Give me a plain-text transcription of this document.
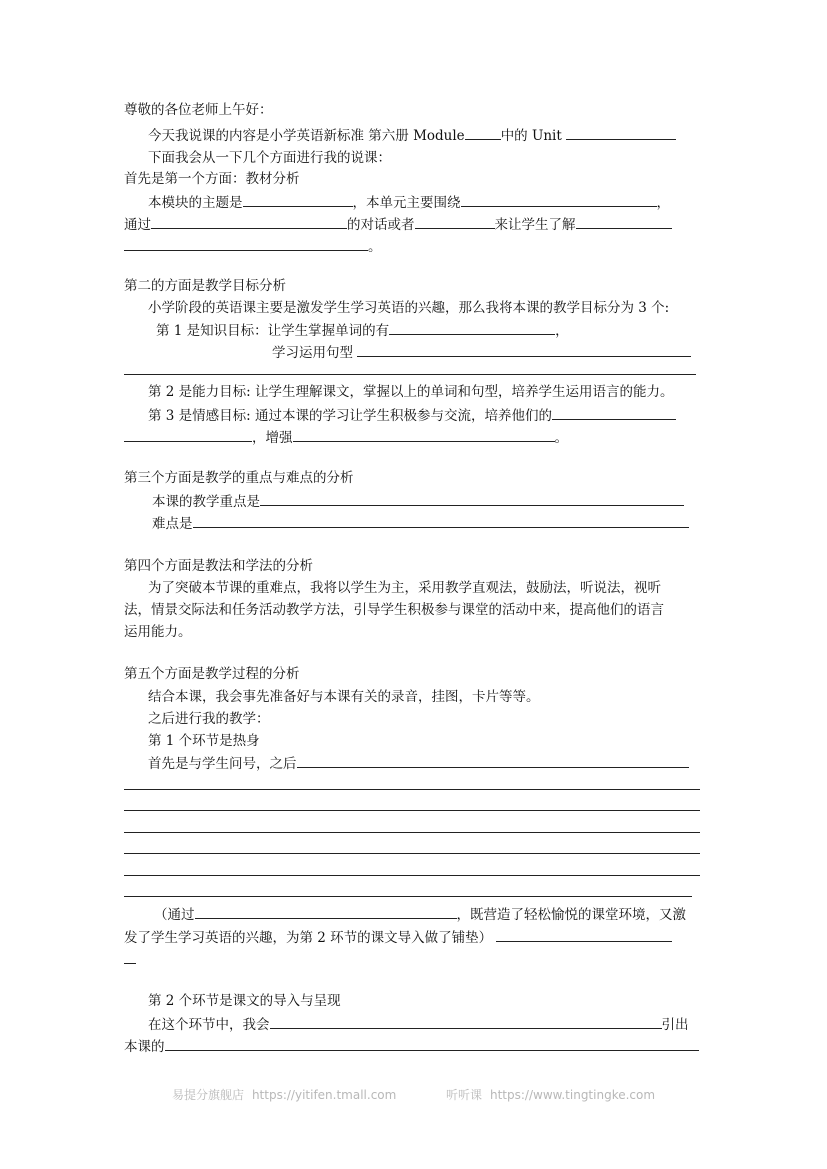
尊敬的各位老师上午好：
今天我说课的内容是小学英语新标准 第六册 Module	中的 Unit
下面我会从一下几个方面进行我的说课：
首先是第一个方面：教材分析
本模块的主题是	，本单元主要围绕	，
通过	的对话或者	来让学生了解
。
第二的方面是教学目标分析
小学阶段的英语课主要是激发学生学习英语的兴趣，那么我将本课的教学目标分为 3 个:
第 1 是知识目标：让学生掌握单词的有	，
学习运用句型
第 2 是能力目标: 让学生理解课文，掌握以上的单词和句型，培养学生运用语言的能力。
第 3 是情感目标: 通过本课的学习让学生积极参与交流，培养他们的
，增强	。
第三个方面是教学的重点与难点的分析
本课的教学重点是
难点是
第四个方面是教法和学法的分析
为了突破本节课的重难点，我将以学生为主，采用教学直观法，鼓励法，听说法，视听
法，情景交际法和任务活动教学方法，引导学生积极参与课堂的活动中来，提高他们的语言
运用能力。
第五个方面是教学过程的分析
结合本课，我会事先准备好与本课有关的录音，挂图，卡片等等。
之后进行我的教学：
第 1 个环节是热身
首先是与学生问号，之后
（通过	，既营造了轻松愉悦的课堂环境，又激
发了学生学习英语的兴趣，为第 2 环节的课文导入做了铺垫）
第 2 个环节是课文的导入与呈现
在这个环节中，我会	引出
本课的
易提分旗舰店 https://yitifen.tmall.com	听听课 https://www.tingtingke.com
